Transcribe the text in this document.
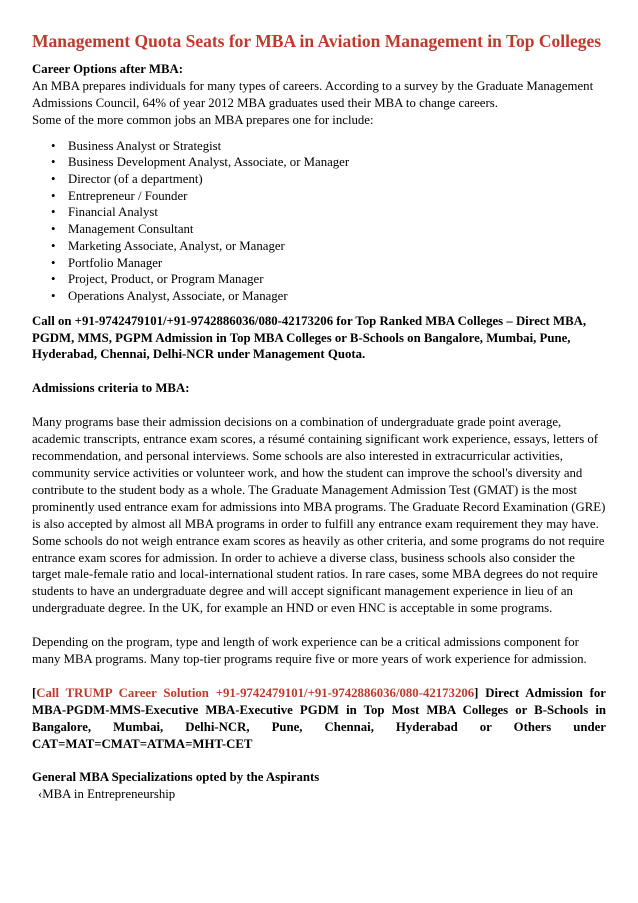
Management Quota Seats for MBA in Aviation Management in Top Colleges

Career Options after MBA:

An MBA prepares individuals for many types of careers. According to a survey by the Graduate Management Admissions Council, 64% of year 2012 MBA graduates used their MBA to change careers.

Some of the more common jobs an MBA prepares one for include:

• Business Analyst or Strategist
• Business Development Analyst, Associate, or Manager
• Director (of a department)
• Entrepreneur / Founder
• Financial Analyst
• Management Consultant
• Marketing Associate, Analyst, or Manager
• Portfolio Manager
• Project, Product, or Program Manager
• Operations Analyst, Associate, or Manager

Call on +91-9742479101/+91-9742886036/080-42173206 for Top Ranked MBA Colleges – Direct MBA, PGDM, MMS, PGPM Admission in Top MBA Colleges or B-Schools on Bangalore, Mumbai, Pune, Hyderabad, Chennai, Delhi-NCR under Management Quota.

Admissions criteria to MBA:

Many programs base their admission decisions on a combination of undergraduate grade point average, academic transcripts, entrance exam scores, a résumé containing significant work experience, essays, letters of recommendation, and personal interviews. Some schools are also interested in extracurricular activities, community service activities or volunteer work, and how the student can improve the school's diversity and contribute to the student body as a whole. The Graduate Management Admission Test (GMAT) is the most prominently used entrance exam for admissions into MBA programs. The Graduate Record Examination (GRE) is also accepted by almost all MBA programs in order to fulfill any entrance exam requirement they may have. Some schools do not weigh entrance exam scores as heavily as other criteria, and some programs do not require entrance exam scores for admission. In order to achieve a diverse class, business schools also consider the target male-female ratio and local-international student ratios. In rare cases, some MBA degrees do not require students to have an undergraduate degree and will accept significant management experience in lieu of an undergraduate degree. In the UK, for example an HND or even HNC is acceptable in some programs.

Depending on the program, type and length of work experience can be a critical admissions component for many MBA programs. Many top-tier programs require five or more years of work experience for admission.

[Call TRUMP Career Solution +91-9742479101/+91-9742886036/080-42173206] Direct Admission for MBA-PGDM-MMS-Executive MBA-Executive PGDM in Top Most MBA Colleges or B-Schools in Bangalore, Mumbai, Delhi-NCR, Pune, Chennai, Hyderabad or Others under CAT=MAT=CMAT=ATMA=MHT-CET

General MBA Specializations opted by the Aspirants

‹MBA in Entrepreneurship
